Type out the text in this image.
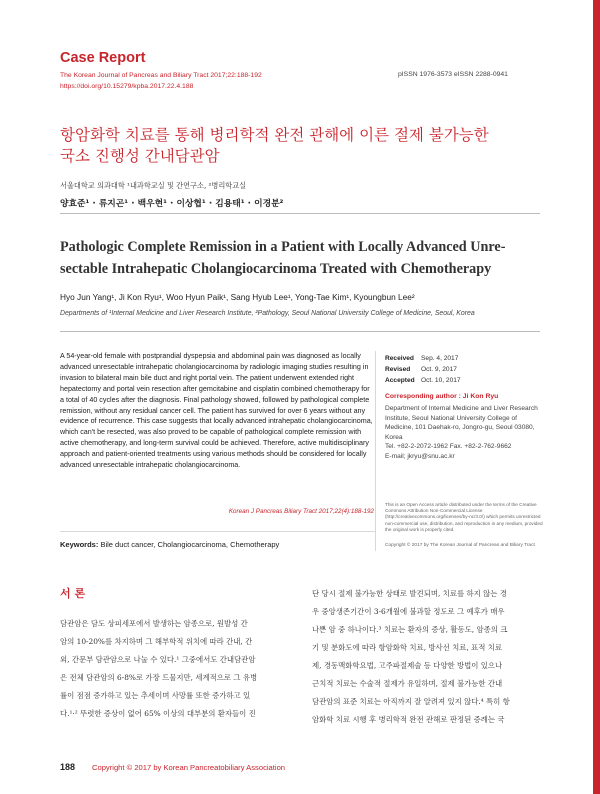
Case Report
The Korean Journal of Pancreas and Biliary Tract 2017;22:188-192
https://doi.org/10.15279/kpba.2017.22.4.188
pISSN 1976-3573 eISSN 2288-0941
항암화학 치료를 통해 병리학적 완전 관해에 이른 절제 불가능한
국소 진행성 간내담관암
서울대학교 의과대학 ¹내과학교실 및 간연구소, ²병리학교실
양효준¹ · 류지곤¹ · 백우현¹ · 이상협¹ · 김용태¹ · 이경분²
Pathologic Complete Remission in a Patient with Locally Advanced Unre-
sectable Intrahepatic Cholangiocarcinoma Treated with Chemotherapy
Hyo Jun Yang¹, Ji Kon Ryu¹, Woo Hyun Paik¹, Sang Hyub Lee¹, Yong-Tae Kim¹, Kyoungbun Lee²
Departments of ¹Internal Medicine and Liver Research Institute, ²Pathology, Seoul National University College of Medicine, Seoul, Korea

A 54-year-old female with postprandial dyspepsia and abdominal pain was diagnosed as locally advanced unresectable intrahepatic cholangiocarcinoma by radiologic imaging studies resulting in invasion to bilateral main bile duct and right portal vein. The patient underwent extended right hepatectomy and portal vein resection after gemcitabine and cisplatin combined chemotherapy for a total of 40 cycles after the diagnosis. Final pathology showed, followed by pathological complete remission, without any residual cancer cell. The patient has survived for over 6 years without any evidence of recurrence. This case suggests that locally advanced intrahepatic cholangiocarcinoma, which can't be resected, was also proved to be capable of pathological complete remission with active chemotherapy, and long-term survival could be achieved. Therefore, active multidisciplinary approach and patient-oriented treatments using various methods should be considered for locally advanced unresectable intrahepatic cholangiocarcinoma.

Korean J Pancreas Biliary Tract 2017;22(4):188-192
Keywords: Bile duct cancer, Cholangiocarcinoma, Chemotherapy
Received Sep. 4, 2017
Revised Oct. 9, 2017
Accepted Oct. 10, 2017
Corresponding author : Ji Kon Ryu
Department of Internal Medicine and Liver Research
Institute, Seoul National University College of
Medicine, 101 Daehak-ro, Jongro-gu, Seoul 03080,
Korea
Tel. +82-2-2072-1962 Fax. +82-2-762-9662
E-mail; jkryu@snu.ac.kr
This is an Open Access article distributed under the terms of the Creative Commons Attribution Non-Commercial License (http://creativecommons.org/licenses/by-nc/3.0/) which permits unrestricted non-commercial use, distribution, and reproduction in any medium, provided the original work is properly cited.
Copyright © 2017 by The Korean Journal of Pancreas and Biliary Tract
서 론
담관암은 담도 상피세포에서 발생하는 암종으로, 원발성 간
암의 10-20%를 차지하며 그 해부학적 위치에 따라 간내, 간
외, 간문부 담관암으로 나눌 수 있다.¹ 그중에서도 간내담관암
은 전체 담관암의 6-8%로 가장 드물지만, 세계적으로 그 유병
률이 점점 증가하고 있는 추세이며 사망률 또한 증가하고 있
다.¹·² 뚜렷한 증상이 없어 65% 이상의 대부분의 환자들이 진
단 당시 절제 불가능한 상태로 발견되며, 치료를 하지 않는 경
우 중앙생존기간이 3-6개월에 불과할 정도로 그 예후가 매우
나쁜 암 중 하나이다.³ 치료는 환자의 증상, 활동도, 암종의 크
기 및 분화도에 따라 항암화학 치료, 방사선 치료, 표적 치료
제, 경동맥화학요법, 고주파절제술 등 다양한 방법이 있으나
근치적 치료는 수술적 절제가 유일하며, 절제 불가능한 간내
담관암의 표준 치료는 아직까지 잘 알려져 있지 않다.⁴ 특히 항
암화학 치료 시행 후 병리학적 완전 관해로 판정된 증례는 국
188 Copyright © 2017 by Korean Pancreatobiliary Association
